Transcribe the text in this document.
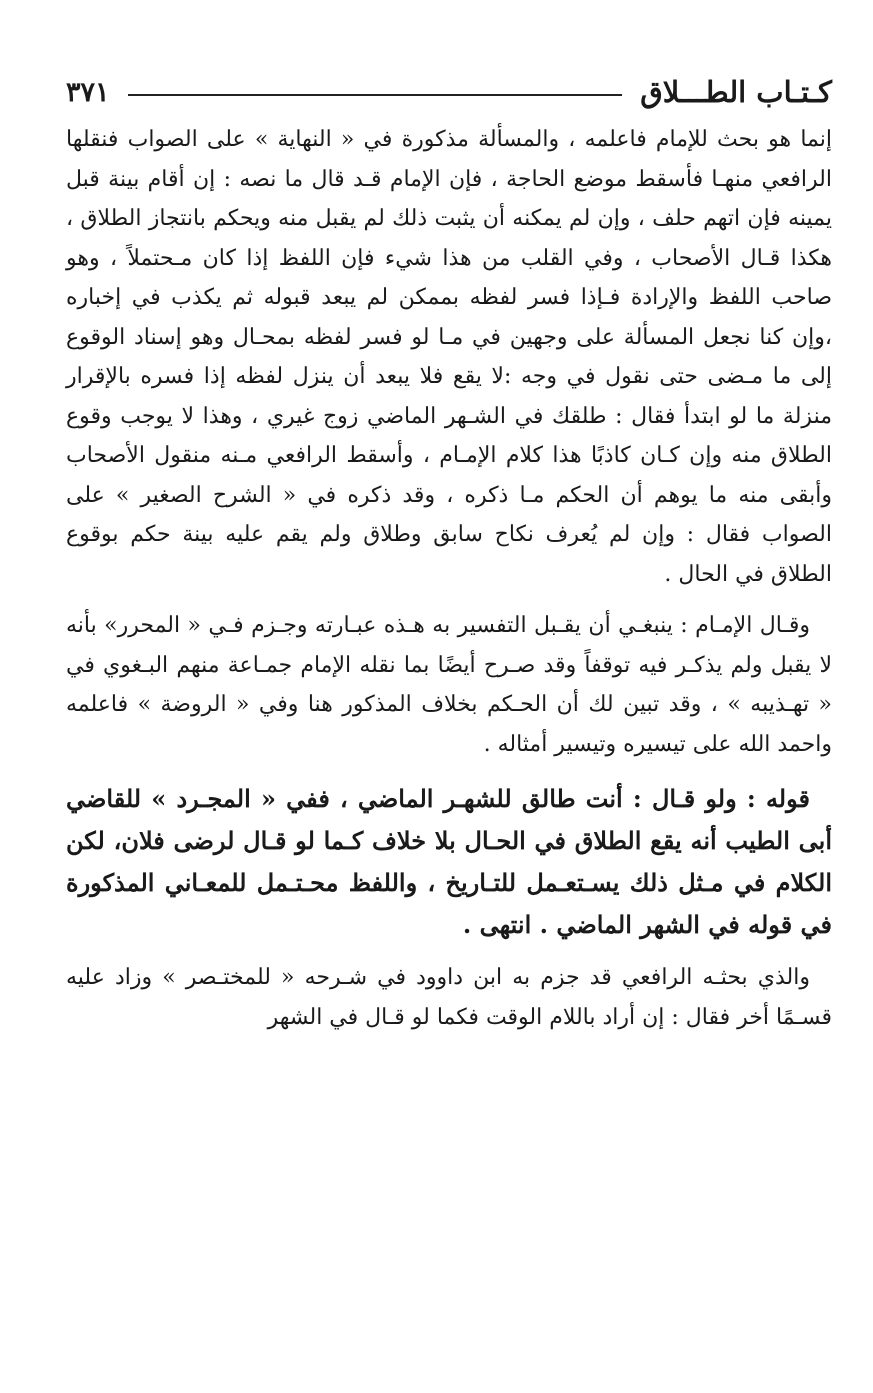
كـتـاب الطـــلاق
٣٧١

إنما هو بحث للإمام فاعلمه ، والمسألة مذكورة في « النهاية » على الصواب فنقلها الرافعي منهـا فأسقط موضع الحاجة ، فإن الإمام قـد قال ما نصه : إن أقام بينة قبل يمينه فإن اتهم حلف ، وإن لم يمكنه أن يثبت ذلك لم يقبل منه ويحكم بانتجاز الطلاق ، هكذا قـال الأصحاب ، وفي القلب من هذا شيء فإن اللفظ إذا كان مـحتملاً ، وهو صاحب اللفظ والإرادة فـإذا فسر لفظه بممكن لم يبعد قبوله ثم يكذب في إخباره ،وإن كنا نجعل المسألة على وجهين في مـا لو فسر لفظه بمحـال وهو إسناد الوقوع إلى ما مـضى حتى نقول في وجه :لا يقع فلا يبعد أن ينزل لفظه إذا فسره بالإقرار منزلة ما لو ابتدأ فقال : طلقك في الشـهر الماضي زوج غيري ، وهذا لا يوجب وقوع الطلاق منه وإن كـان كاذبًا هذا كلام الإمـام ، وأسقط الرافعي مـنه منقول الأصحاب وأبقى منه ما يوهم أن الحكم مـا ذكره ، وقد ذكره في « الشرح الصغير » على الصواب فقال : وإن لم يُعرف نكاح سابق وطلاق ولم يقم عليه بينة حكم بوقوع الطلاق في الحال .

وقـال الإمـام : ينبغـي أن يقـبل التفسير به هـذه عبـارته وجـزم فـي « المحرر» بأنه لا يقبل ولم يذكـر فيه توقفاً وقد صـرح أيضًا بما نقله الإمام جمـاعة منهم البـغوي في « تهـذيبه » ، وقد تبين لك أن الحـكم بخلاف المذكور هنا وفي « الروضة » فاعلمه واحمد الله على تيسيره وتيسير أمثاله .

قوله : ولو قـال : أنت طالق للشهـر الماضي ، ففي « المجـرد » للقاضي أبى الطيب أنه يقع الطلاق في الحـال بلا خلاف كـما لو قـال لرضى فلان، لكن الكلام في مـثل ذلك يسـتعـمل للتـاريخ ، واللفظ محـتـمل للمعـاني المذكورة في قوله في الشهر الماضي . انتهى .

والذي بحثـه الرافعي قد جزم به ابن داوود في شـرحه « للمختـصر » وزاد عليه قسـمًا أخر فقال : إن أراد باللام الوقت فكما لو قـال في الشهر
